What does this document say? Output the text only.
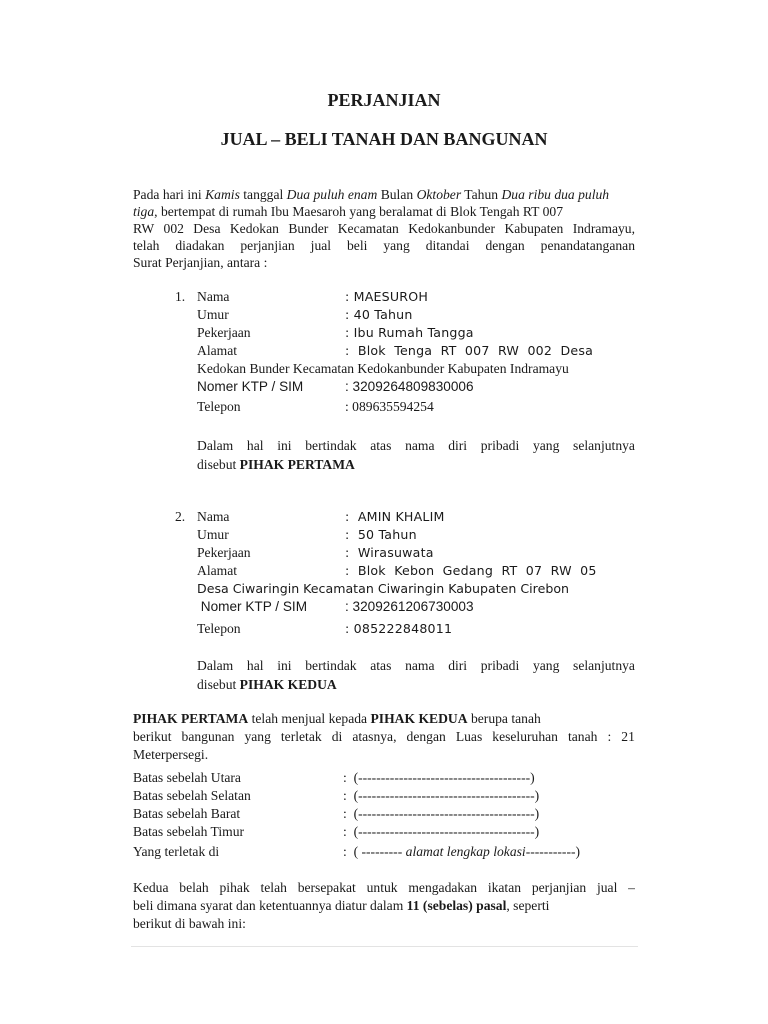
PERJANJIAN
JUAL – BELI TANAH DAN BANGUNAN
Pada hari ini Kamis tanggal Dua puluh enam Bulan Oktober Tahun Dua ribu dua puluh
tiga, bertempat di rumah Ibu Maesaroh yang beralamat di Blok Tengah RT 007
RW 002 Desa Kedokan Bunder Kecamatan Kedokanbunder Kabupaten Indramayu,
telah diadakan perjanjian jual beli yang ditandai dengan penandatanganan
Surat Perjanjian, antara :
1. Nama	: MAESUROH
Umur	: 40 Tahun
Pekerjaan	: Ibu Rumah Tangga
Alamat	:  Blok  Tenga  RT  007  RW  002  Desa
Kedokan Bunder Kecamatan Kedokanbunder Kabupaten Indramayu
Nomer KTP / SIM	: 3209264809830006
Telepon	: 089635594254
Dalam hal ini bertindak atas nama diri pribadi yang selanjutnya
disebut PIHAK PERTAMA
2. Nama	:  AMIN KHALIM
Umur	:  50 Tahun
Pekerjaan	:  Wirasuwata
Alamat	:  Blok  Kebon  Gedang  RT  07  RW  05
Desa Ciwaringin Kecamatan Ciwaringin Kabupaten Cirebon
Nomer KTP / SIM	: 3209261206730003
Telepon	: 085222848011
Dalam hal ini bertindak atas nama diri pribadi yang selanjutnya
disebut PIHAK KEDUA
PIHAK PERTAMA telah menjual kepada PIHAK KEDUA berupa tanah
berikut bangunan yang terletak di atasnya, dengan Luas keseluruhan tanah : 21
Meterpersegi.
Batas sebelah Utara	:  (--------------------------------------)
Batas sebelah Selatan	:  (---------------------------------------)
Batas sebelah Barat	:  (---------------------------------------)
Batas sebelah Timur	:  (---------------------------------------)
Yang terletak di	:  ( --------- alamat lengkap lokasi-----------)
Kedua belah pihak telah bersepakat untuk mengadakan ikatan perjanjian jual –
beli dimana syarat dan ketentuannya diatur dalam 11 (sebelas) pasal, seperti
berikut di bawah ini:
